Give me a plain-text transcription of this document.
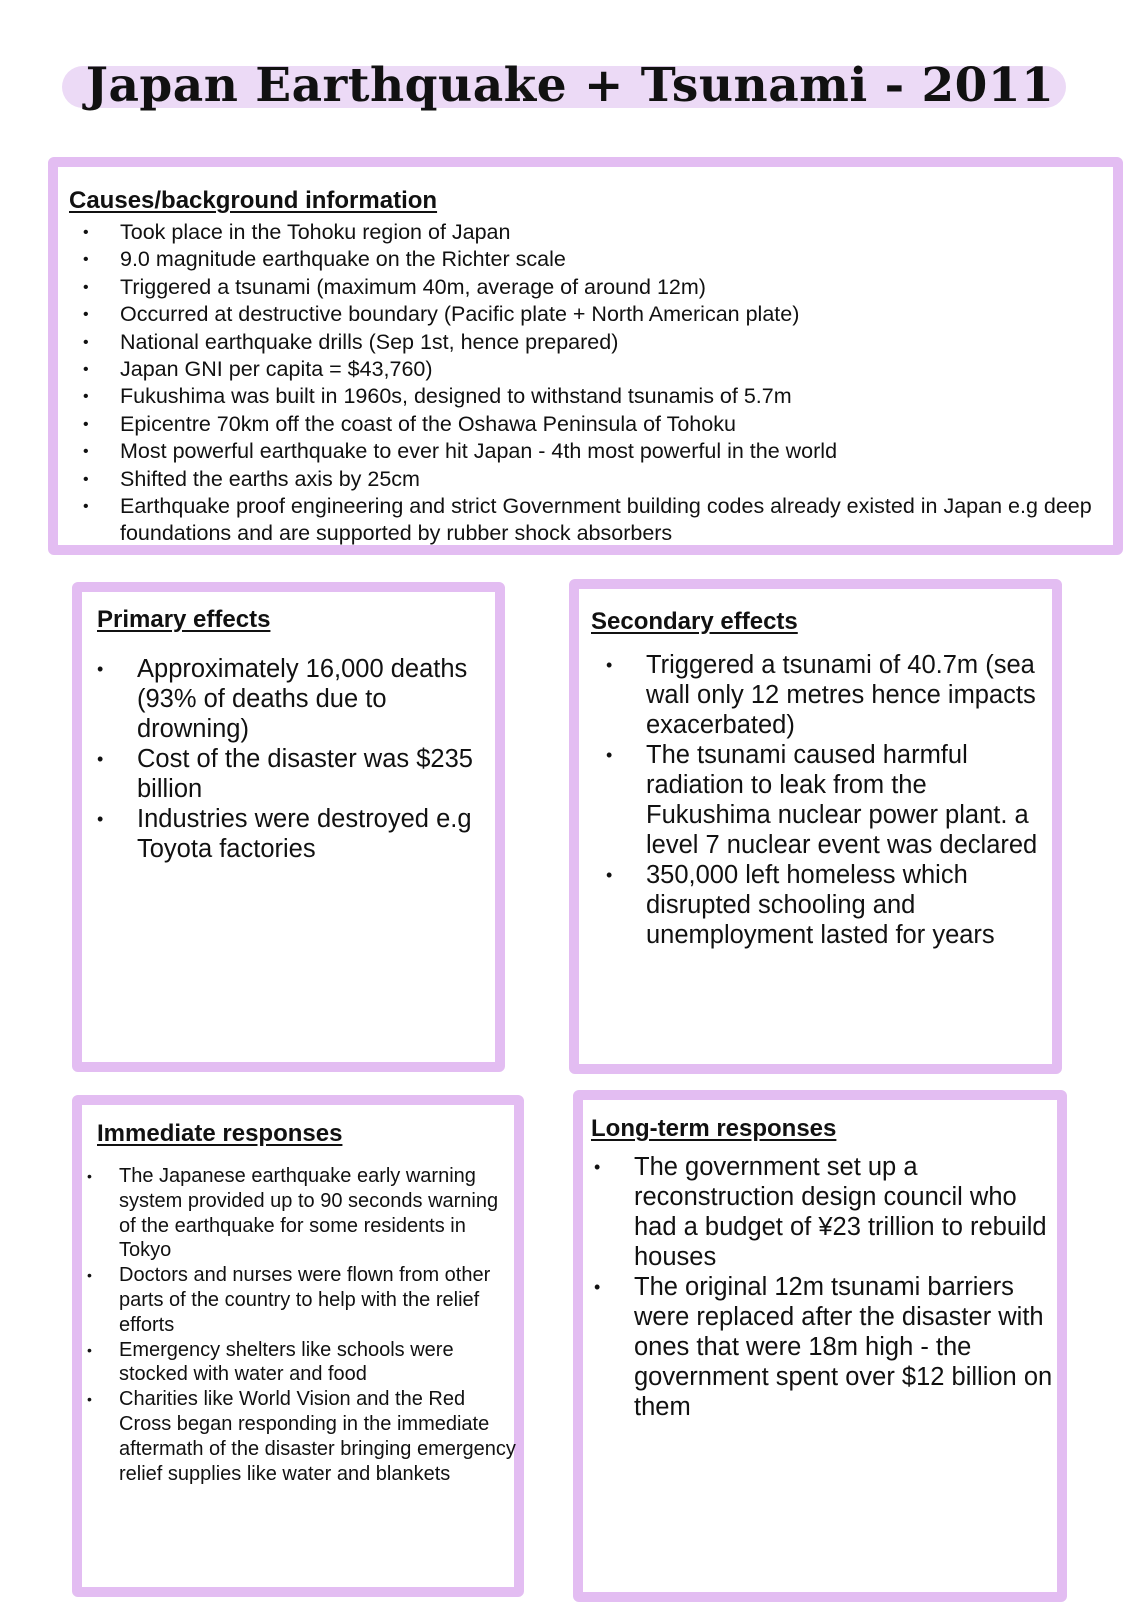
Japan Earthquake + Tsunami - 2011
Causes/background information
• Took place in the Tohoku region of Japan
• 9.0 magnitude earthquake on the Richter scale
• Triggered a tsunami (maximum 40m, average of around 12m)
• Occurred at destructive boundary (Pacific plate + North American plate)
• National earthquake drills (Sep 1st, hence prepared)
• Japan GNI per capita = $43,760)
• Fukushima was built in 1960s, designed to withstand tsunamis of 5.7m
• Epicentre 70km off the coast of the Oshawa Peninsula of Tohoku
• Most powerful earthquake to ever hit Japan - 4th most powerful in the world
• Shifted the earths axis by 25cm
• Earthquake proof engineering and strict Government building codes already existed in Japan e.g deep foundations and are supported by rubber shock absorbers
Primary effects
• Approximately 16,000 deaths (93% of deaths due to drowning)
• Cost of the disaster was $235 billion
• Industries were destroyed e.g Toyota factories
Secondary effects
• Triggered a tsunami of 40.7m (sea wall only 12 metres hence impacts exacerbated)
• The tsunami caused harmful radiation to leak from the Fukushima nuclear power plant. a level 7 nuclear event was declared
• 350,000 left homeless which disrupted schooling and unemployment lasted for years
Immediate responses
• The Japanese earthquake early warning system provided up to 90 seconds warning of the earthquake for some residents in Tokyo
• Doctors and nurses were flown from other parts of the country to help with the relief efforts
• Emergency shelters like schools were stocked with water and food
• Charities like World Vision and the Red Cross began responding in the immediate aftermath of the disaster bringing emergency relief supplies like water and blankets
Long-term responses
• The government set up a reconstruction design council who had a budget of ¥23 trillion to rebuild houses
• The original 12m tsunami barriers were replaced after the disaster with ones that were 18m high - the government spent over $12 billion on them
